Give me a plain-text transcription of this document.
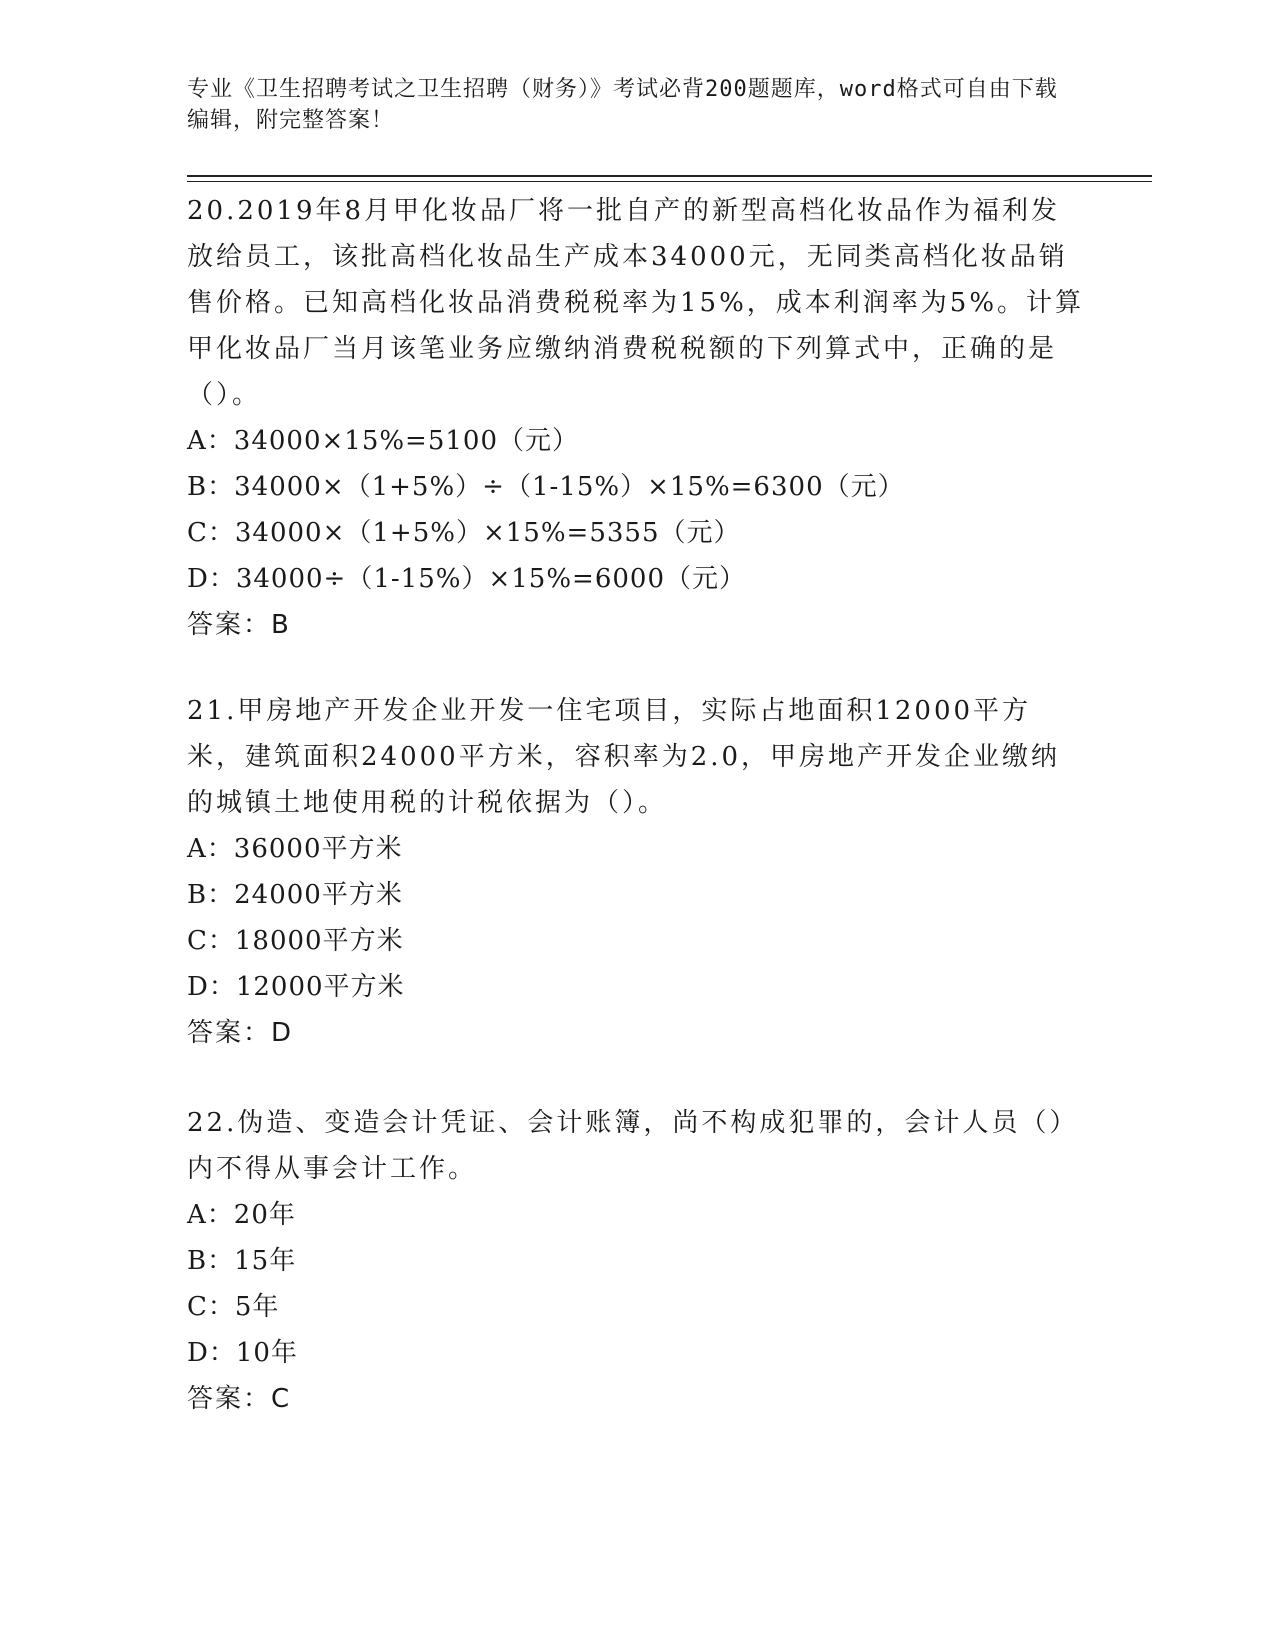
专业《卫生招聘考试之卫生招聘（财务）》考试必背200题题库，word格式可自由下载编辑，附完整答案！

20.2019年8月甲化妆品厂将一批自产的新型高档化妆品作为福利发放给员工，该批高档化妆品生产成本34000元，无同类高档化妆品销售价格。已知高档化妆品消费税税率为15%，成本利润率为5%。计算甲化妆品厂当月该笔业务应缴纳消费税税额的下列算式中，正确的是（）。

A：34000×15%=5100（元）

B：34000×（1+5%）÷（1-15%）×15%=6300（元）

C：34000×（1+5%）×15%=5355（元）

D：34000÷（1-15%）×15%=6000（元）

答案：B

21.甲房地产开发企业开发一住宅项目，实际占地面积12000平方米，建筑面积24000平方米，容积率为2.0，甲房地产开发企业缴纳的城镇土地使用税的计税依据为（）。

A：36000平方米

B：24000平方米

C：18000平方米

D：12000平方米

答案：D

22.伪造、变造会计凭证、会计账簿，尚不构成犯罪的，会计人员（）内不得从事会计工作。

A：20年

B：15年

C：5年

D：10年

答案：C
